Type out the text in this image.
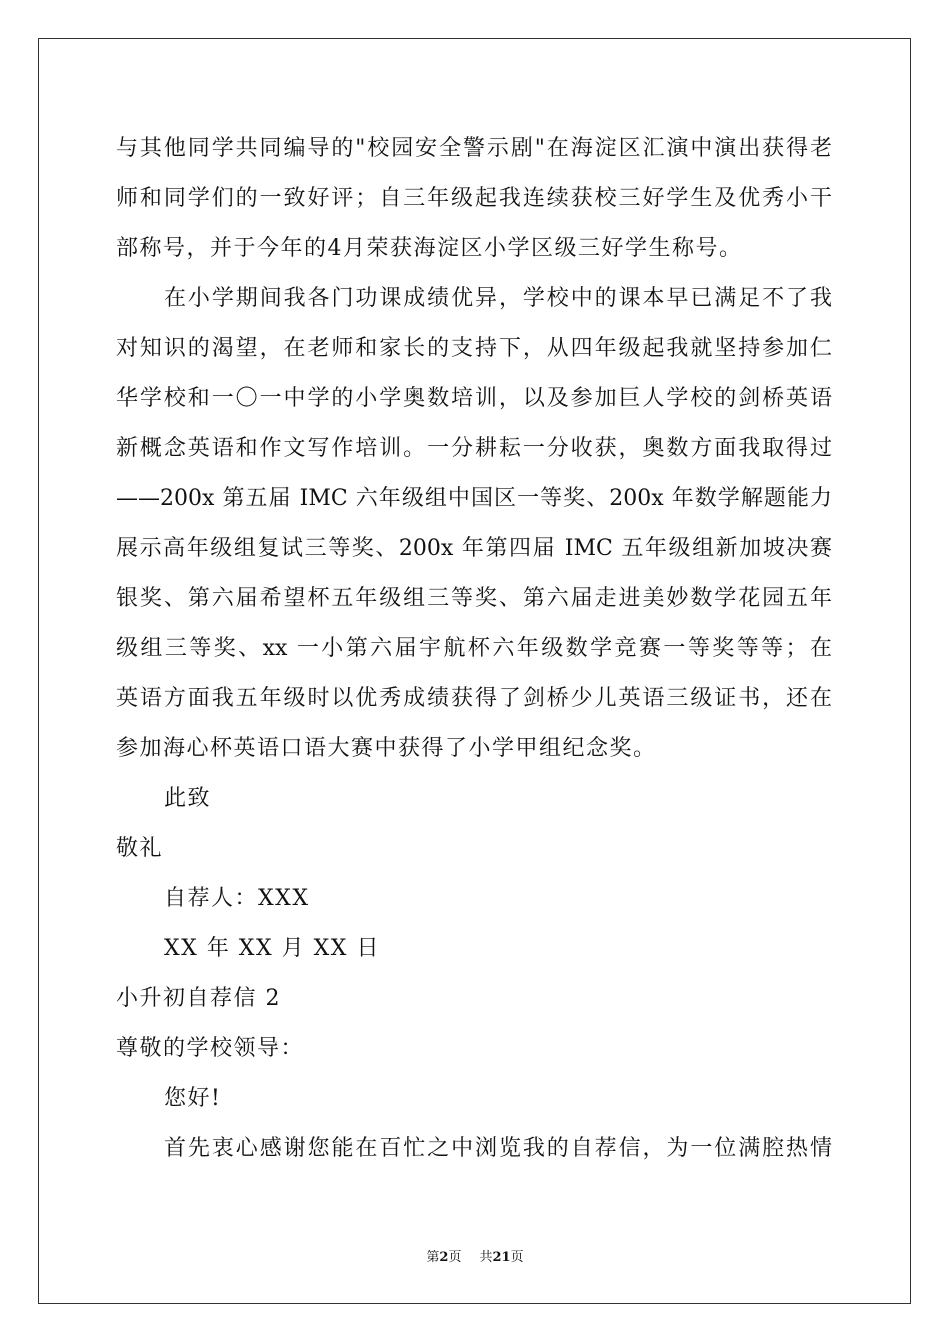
与其他同学共同编导的"校园安全警示剧"在海淀区汇演中演出获得老
师和同学们的一致好评；自三年级起我连续获校三好学生及优秀小干
部称号，并于今年的4月荣获海淀区小学区级三好学生称号。
在小学期间我各门功课成绩优异，学校中的课本早已满足不了我
对知识的渴望，在老师和家长的支持下，从四年级起我就坚持参加仁
华学校和一〇一中学的小学奥数培训，以及参加巨人学校的剑桥英语
新概念英语和作文写作培训。一分耕耘一分收获，奥数方面我取得过
——200x 第五届 IMC 六年级组中国区一等奖、200x 年数学解题能力
展示高年级组复试三等奖、200x 年第四届 IMC 五年级组新加坡决赛
银奖、第六届希望杯五年级组三等奖、第六届走进美妙数学花园五年
级组三等奖、xx 一小第六届宇航杯六年级数学竞赛一等奖等等；在
英语方面我五年级时以优秀成绩获得了剑桥少儿英语三级证书，还在
参加海心杯英语口语大赛中获得了小学甲组纪念奖。
此致
敬礼
自荐人：XXX
XX 年 XX 月 XX 日
小升初自荐信 2
尊敬的学校领导：
您好!
首先衷心感谢您能在百忙之中浏览我的自荐信，为一位满腔热情
第2页 共21页
